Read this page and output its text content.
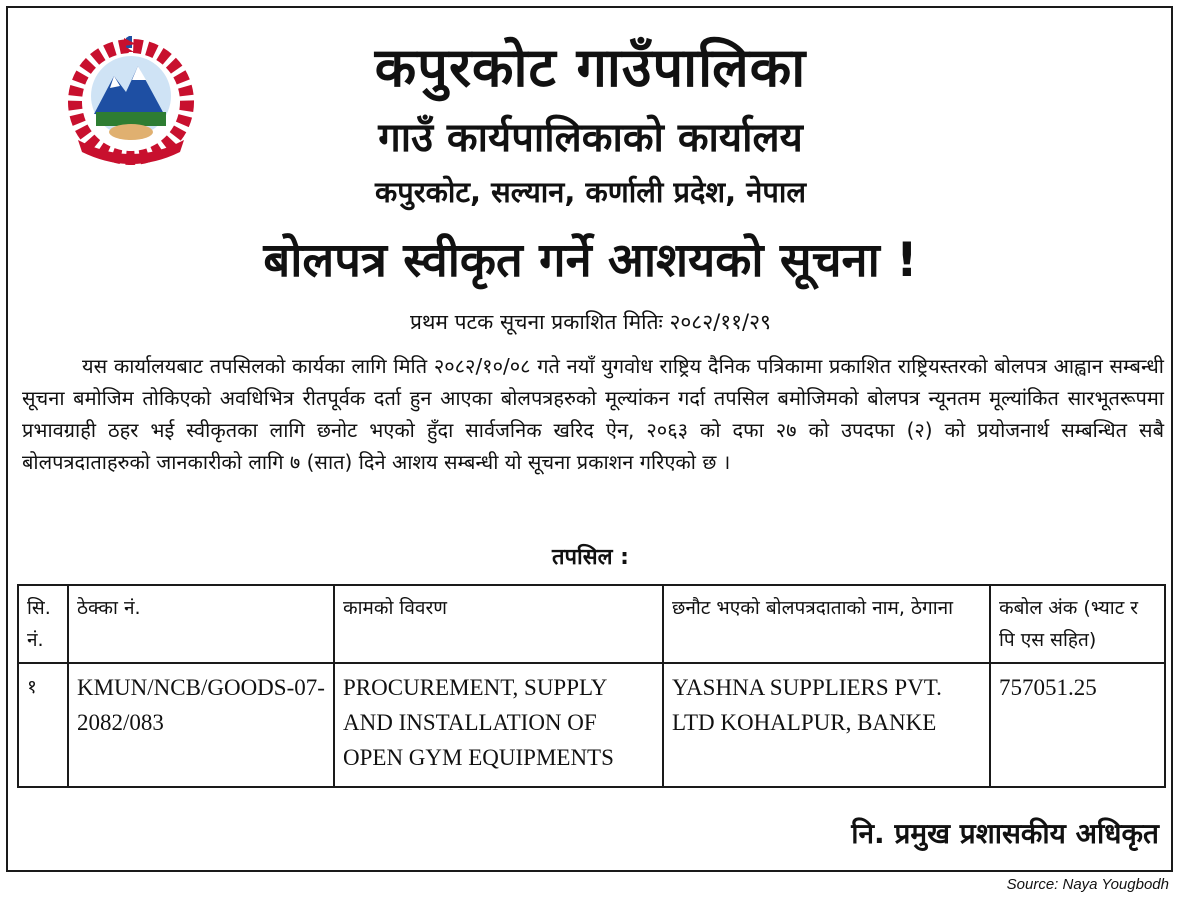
कपुरकोट गाउँपालिका
गाउँ कार्यपालिकाको कार्यालय
कपुरकोट, सल्यान, कर्णाली प्रदेश, नेपाल
बोलपत्र स्वीकृत गर्ने आशयको सूचना !
प्रथम पटक सूचना प्रकाशित मितिः २०८२/११/२९
यस कार्यालयबाट तपसिलको कार्यका लागि मिति २०८२/१०/०८ गते नयाँ युगवोध राष्ट्रिय दैनिक पत्रिकामा प्रकाशित राष्ट्रियस्तरको बोलपत्र आह्वान सम्बन्धी सूचना बमोजिम तोकिएको अवधिभित्र रीतपूर्वक दर्ता हुन आएका बोलपत्रहरुको मूल्यांकन गर्दा तपसिल बमोजिमको बोलपत्र न्यूनतम मूल्यांकित सारभूतरूपमा प्रभावग्राही ठहर भई स्वीकृतका लागि छनोट भएको हुँदा सार्वजनिक खरिद ऐन, २०६३ को दफा २७ को उपदफा (२) को प्रयोजनार्थ सम्बन्धित सबै बोलपत्रदाताहरुको जानकारीको लागि ७ (सात) दिने आशय सम्बन्धी यो सूचना प्रकाशन गरिएको छ ।
तपसिल :
सि. नं.	ठेक्का नं.	कामको विवरण	छनौट भएको बोलपत्रदाताको नाम, ठेगाना	कबोल अंक (भ्याट र पि एस सहित)
१	KMUN/NCB/GOODS-07-2082/083	PROCUREMENT, SUPPLY AND INSTALLATION OF OPEN GYM EQUIPMENTS	YASHNA SUPPLIERS PVT. LTD KOHALPUR, BANKE	757051.25
नि. प्रमुख प्रशासकीय अधिकृत
Source: Naya Yougbodh
